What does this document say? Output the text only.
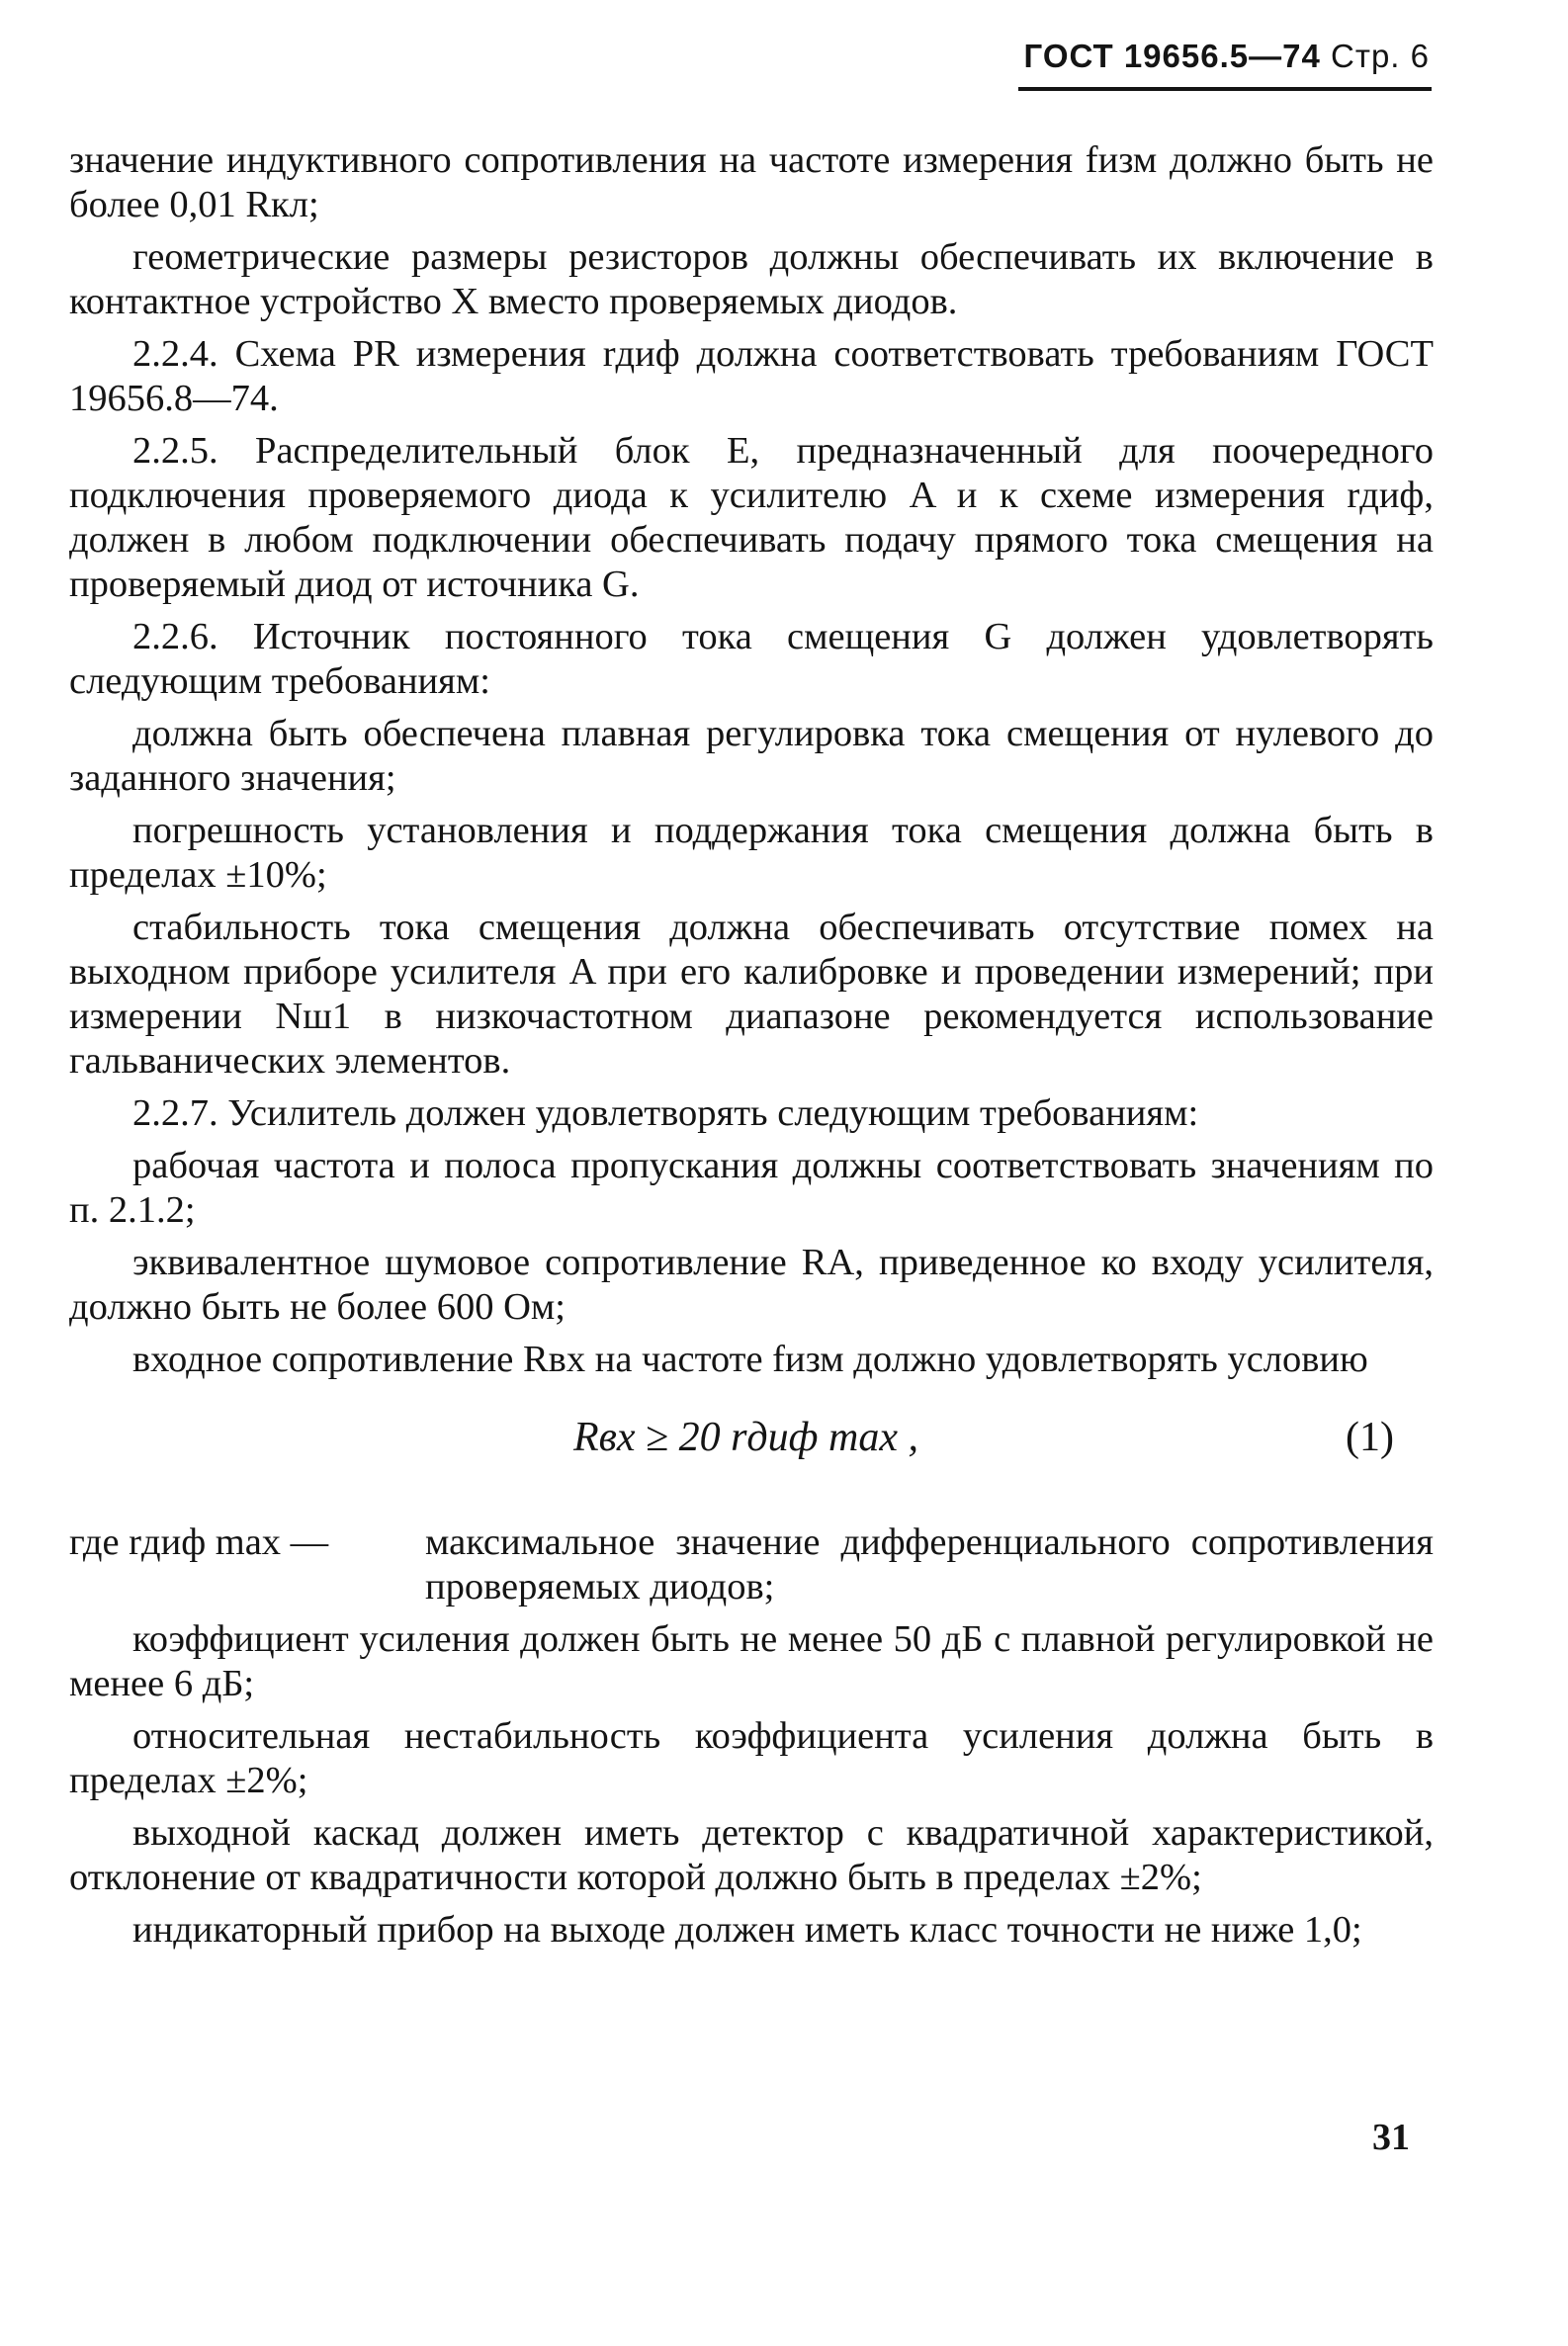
ГОСТ 19656.5—74 Стр. 6

значение индуктивного сопротивления на частоте измерения fизм должно быть не более 0,01 Rкл;

геометрические размеры резисторов должны обеспечивать их включение в контактное устройство X вместо проверяемых диодов.

2.2.4. Схема PR измерения rдиф должна соответствовать требованиям ГОСТ 19656.8—74.

2.2.5. Распределительный блок E, предназначенный для поочередного подключения проверяемого диода к усилителю A и к схеме измерения rдиф, должен в любом подключении обеспечивать подачу прямого тока смещения на проверяемый диод от источника G.

2.2.6. Источник постоянного тока смещения G должен удовлетворять следующим требованиям:

должна быть обеспечена плавная регулировка тока смещения от нулевого до заданного значения;

погрешность установления и поддержания тока смещения должна быть в пределах ±10%;

стабильность тока смещения должна обеспечивать отсутствие помех на выходном приборе усилителя A при его калибровке и проведении измерений; при измерении Nш1 в низкочастотном диапазоне рекомендуется использование гальванических элементов.

2.2.7. Усилитель должен удовлетворять следующим требованиям:

рабочая частота и полоса пропускания должны соответствовать значениям по п. 2.1.2;

эквивалентное шумовое сопротивление RA, приведенное ко входу усилителя, должно быть не более 600 Ом;

входное сопротивление Rвх на частоте fизм должно удовлетворять условию

Rвх ≥ 20 rдиф max ,	(1)
где rдиф max —	максимальное значение дифференциального сопротивления проверяемых диодов;

коэффициент усиления должен быть не менее 50 дБ с плавной регулировкой не менее 6 дБ;

относительная нестабильность коэффициента усиления должна быть в пределах ±2%;

выходной каскад должен иметь детектор с квадратичной характеристикой, отклонение от квадратичности которой должно быть в пределах ±2%;

индикаторный прибор на выходе должен иметь класс точности не ниже 1,0;

31
